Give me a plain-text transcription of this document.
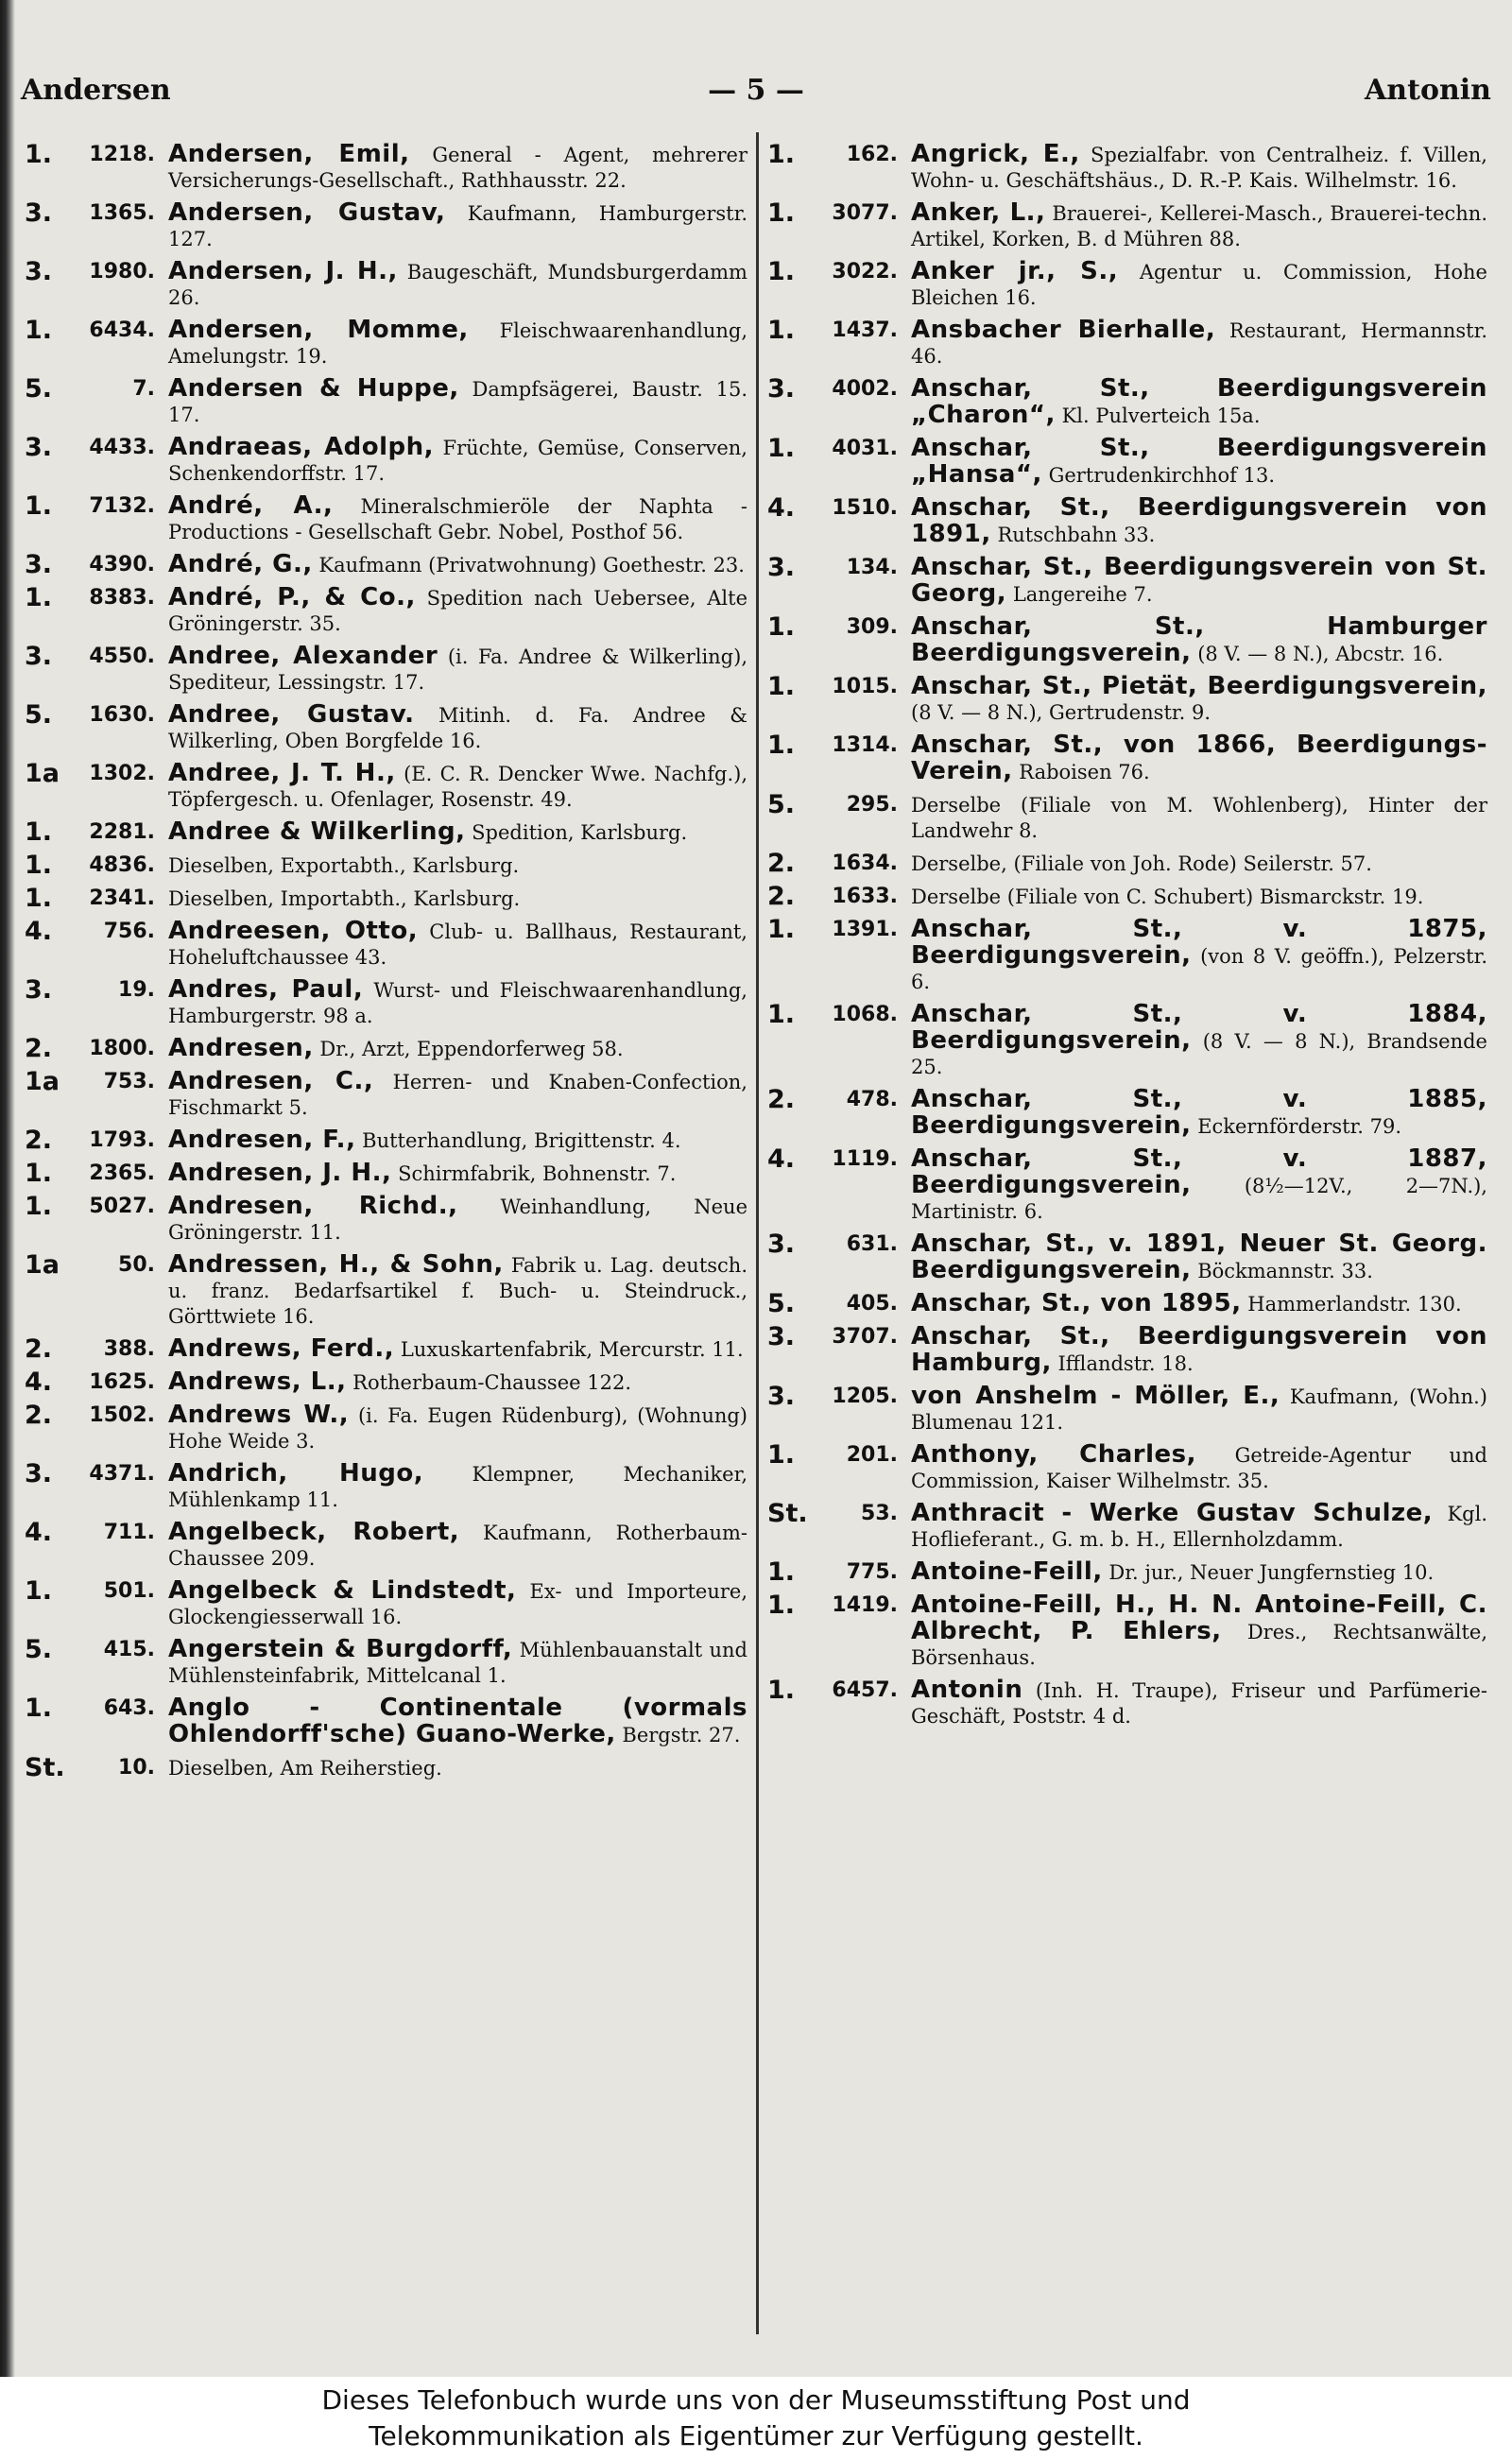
Andersen	— 5 —	Antonin
1.	1218. Andersen, Emil, General - Agent, mehrerer Versicherungs-Gesellschaft., Rathhausstr. 22.
3.	1365. Andersen, Gustav, Kaufmann, Hamburgerstr. 127.
3.	1980. Andersen, J. H., Baugeschäft, Mundsburgerdamm 26.
1.	6434. Andersen, Momme, Fleischwaarenhandlung, Amelungstr. 19.
5.	7. Andersen & Huppe, Dampfsägerei, Baustr. 15. 17.
3.	4433. Andraeas, Adolph, Früchte, Gemüse, Conserven, Schenkendorffstr. 17.
1.	7132. André, A., Mineralschmieröle der Naphta - Productions - Gesellschaft Gebr. Nobel, Posthof 56.
3.	4390. André, G., Kaufmann (Privatwohnung) Goethestr. 23.
1.	8383. André, P., & Co., Spedition nach Uebersee, Alte Gröningerstr. 35.
3.	4550. Andree, Alexander (i. Fa. Andree & Wilkerling), Spediteur, Lessingstr. 17.
5.	1630. Andree, Gustav. Mitinh. d. Fa. Andree & Wilkerling, Oben Borgfelde 16.
1a	1302. Andree, J. T. H., (E. C. R. Dencker Wwe. Nachfg.), Töpfergesch. u. Ofenlager, Rosenstr. 49.
1.	2281. Andree & Wilkerling, Spedition, Karlsburg.
1.	4836. Dieselben, Exportabth., Karlsburg.
1.	2341. Dieselben, Importabth., Karlsburg.
4.	756. Andreesen, Otto, Club- u. Ballhaus, Restaurant, Hoheluftchaussee 43.
3.	19. Andres, Paul, Wurst- und Fleischwaarenhandlung, Hamburgerstr. 98 a.
2.	1800. Andresen, Dr., Arzt, Eppendorferweg 58.
1a	753. Andresen, C., Herren- und Knaben-Confection, Fischmarkt 5.
2.	1793. Andresen, F., Butterhandlung, Brigittenstr. 4.
1.	2365. Andresen, J. H., Schirmfabrik, Bohnenstr. 7.
1.	5027. Andresen, Richd., Weinhandlung, Neue Gröningerstr. 11.
1a	50. Andressen, H., & Sohn, Fabrik u. Lag. deutsch. u. franz. Bedarfsartikel f. Buch- u. Steindruck., Görttwiete 16.
2.	388. Andrews, Ferd., Luxuskartenfabrik, Mercurstr. 11.
4.	1625. Andrews, L., Rotherbaum-Chaussee 122.
2.	1502. Andrews W., (i. Fa. Eugen Rüdenburg), (Wohnung) Hohe Weide 3.
3.	4371. Andrich, Hugo, Klempner, Mechaniker, Mühlenkamp 11.
4.	711. Angelbeck, Robert, Kaufmann, Rotherbaum-Chaussee 209.
1.	501. Angelbeck & Lindstedt, Ex- und Importeure, Glockengiesserwall 16.
5.	415. Angerstein & Burgdorff, Mühlenbauanstalt und Mühlensteinfabrik, Mittelcanal 1.
1.	643. Anglo - Continentale (vormals Ohlendorff'sche) Guano-Werke, Bergstr. 27.
St.	10. Dieselben, Am Reiherstieg.
1.	162. Angrick, E., Spezialfabr. von Centralheiz. f. Villen, Wohn- u. Geschäftshäus., D. R.-P. Kais. Wilhelmstr. 16.
1.	3077. Anker, L., Brauerei-, Kellerei-Masch., Brauerei-techn. Artikel, Korken, B. d Mühren 88.
1.	3022. Anker jr., S., Agentur u. Commission, Hohe Bleichen 16.
1.	1437. Ansbacher Bierhalle, Restaurant, Hermannstr. 46.
3.	4002. Anschar, St., Beerdigungsverein „Charon“, Kl. Pulverteich 15a.
1.	4031. Anschar, St., Beerdigungsverein „Hansa“, Gertrudenkirchhof 13.
4.	1510. Anschar, St., Beerdigungsverein von 1891, Rutschbahn 33.
3.	134. Anschar, St., Beerdigungsverein von St. Georg, Langereihe 7.
1.	309. Anschar, St., Hamburger Beerdigungsverein, (8 V. — 8 N.), Abcstr. 16.
1.	1015. Anschar, St., Pietät, Beerdigungsverein, (8 V. — 8 N.), Gertrudenstr. 9.
1.	1314. Anschar, St., von 1866, Beerdigungs-Verein, Raboisen 76.
5.	295. Derselbe (Filiale von M. Wohlenberg), Hinter der Landwehr 8.
2.	1634. Derselbe, (Filiale von Joh. Rode) Seilerstr. 57.
2.	1633. Derselbe (Filiale von C. Schubert) Bismarckstr. 19.
1.	1391. Anschar, St., v. 1875, Beerdigungsverein, (von 8 V. geöffn.), Pelzerstr. 6.
1.	1068. Anschar, St., v. 1884, Beerdigungsverein, (8 V. — 8 N.), Brandsende 25.
2.	478. Anschar, St., v. 1885, Beerdigungsverein, Eckernförderstr. 79.
4.	1119. Anschar, St., v. 1887, Beerdigungsverein,	(8½—12V., 2—7N.), Martinistr. 6.
3.	631. Anschar, St., v. 1891, Neuer St. Georg. Beerdigungsverein, Böckmannstr. 33.
5.	405. Anschar, St., von 1895, Hammerlandstr. 130.
3.	3707. Anschar, St., Beerdigungsverein von Hamburg, Ifflandstr. 18.
3.	1205. von Anshelm - Möller, E., Kaufmann, (Wohn.) Blumenau 121.
1.	201. Anthony, Charles, Getreide-Agentur und Commission, Kaiser Wilhelmstr. 35.
St.	53. Anthracit - Werke Gustav Schulze, Kgl. Hoflieferant., G. m. b. H., Ellernholzdamm.
1.	775. Antoine-Feill, Dr. jur., Neuer Jungfernstieg 10.
1.	1419. Antoine-Feill, H., H. N. Antoine-Feill, C. Albrecht, P. Ehlers, Dres., Rechtsanwälte, Börsenhaus.
1.	6457. Antonin (Inh. H. Traupe), Friseur und Parfümerie-Geschäft, Poststr. 4 d.
Dieses Telefonbuch wurde uns von der Museumsstiftung Post und
Telekommunikation als Eigentümer zur Verfügung gestellt.
